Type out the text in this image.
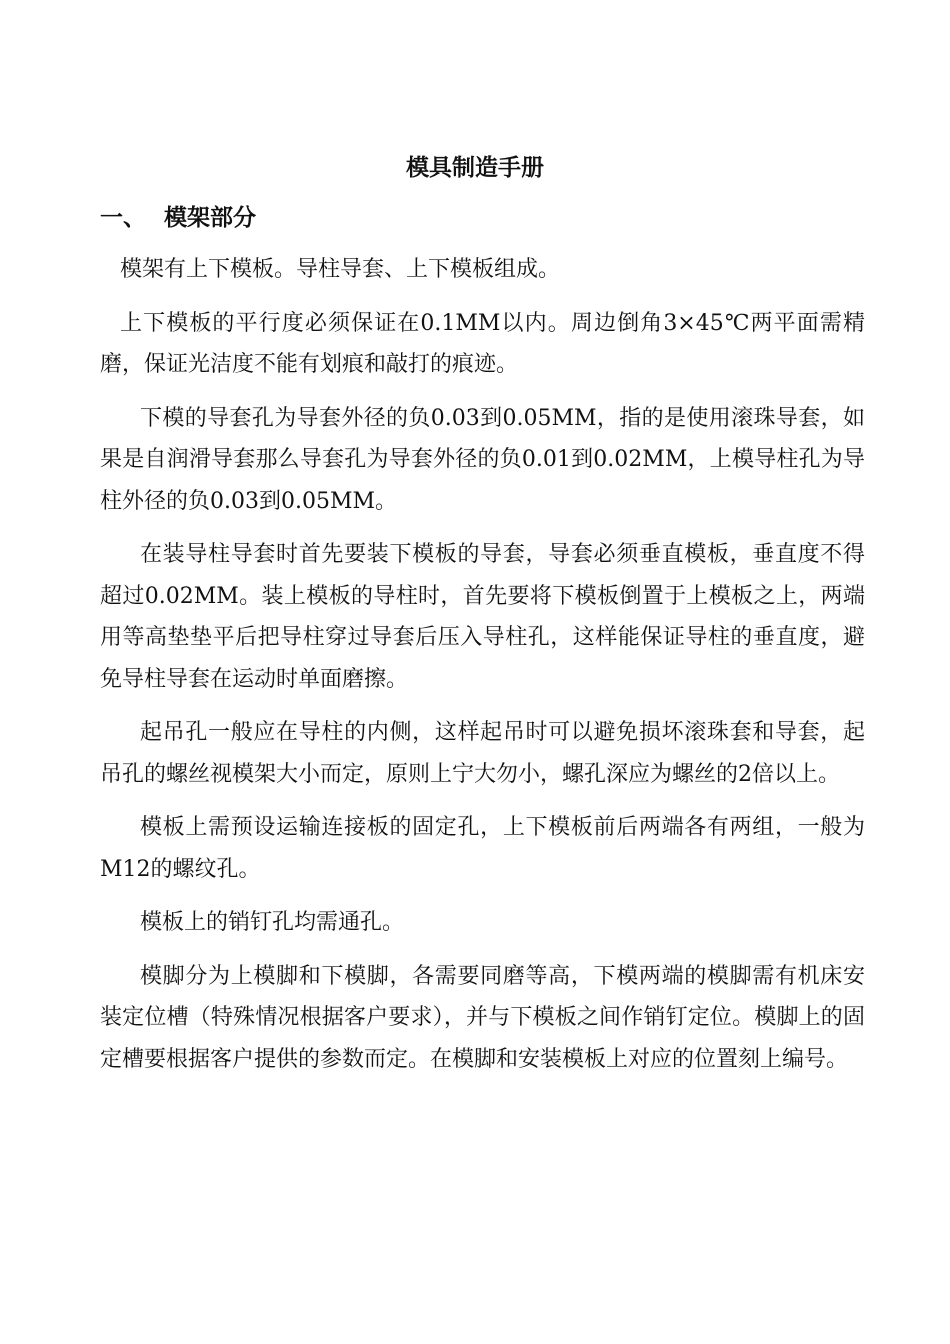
模具制造手册
一、 模架部分

模架有上下模板。导柱导套、上下模板组成。

上下模板的平行度必须保证在0.1MM以内。周边倒角3×45℃两平面需精磨，保证光洁度不能有划痕和敲打的痕迹。

下模的导套孔为导套外径的负0.03到0.05MM，指的是使用滚珠导套，如果是自润滑导套那么导套孔为导套外径的负0.01到0.02MM，上模导柱孔为导柱外径的负0.03到0.05MM。

在装导柱导套时首先要装下模板的导套，导套必须垂直模板，垂直度不得超过0.02MM。装上模板的导柱时，首先要将下模板倒置于上模板之上，两端用等高垫垫平后把导柱穿过导套后压入导柱孔，这样能保证导柱的垂直度，避免导柱导套在运动时单面磨擦。

起吊孔一般应在导柱的内侧，这样起吊时可以避免损坏滚珠套和导套，起吊孔的螺丝视模架大小而定，原则上宁大勿小，螺孔深应为螺丝的2倍以上。

模板上需预设运输连接板的固定孔，上下模板前后两端各有两组，一般为M12的螺纹孔。

模板上的销钉孔均需通孔。

模脚分为上模脚和下模脚，各需要同磨等高，下模两端的模脚需有机床安装定位槽（特殊情况根据客户要求），并与下模板之间作销钉定位。模脚上的固定槽要根据客户提供的参数而定。在模脚和安装模板上对应的位置刻上编号。
